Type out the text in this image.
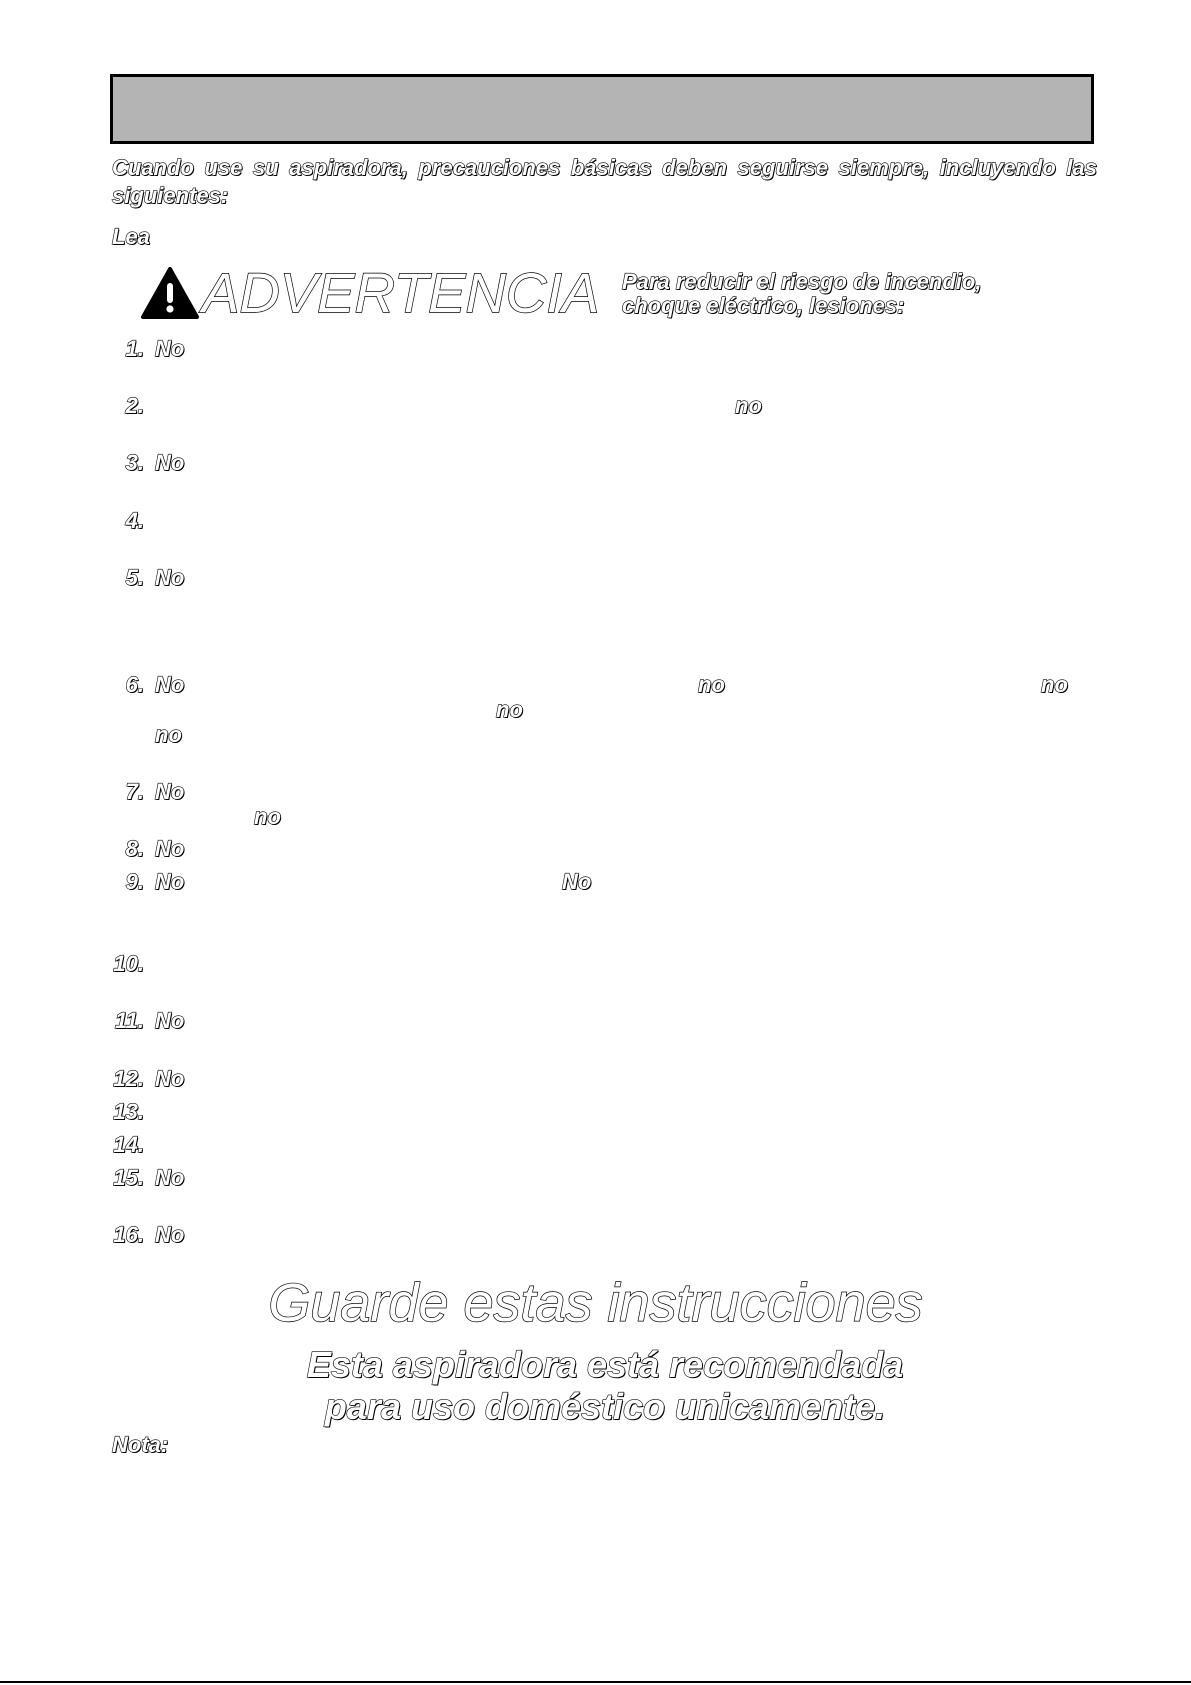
Cuando use su aspiradora, precauciones básicas deben seguirse siempre, incluyendo las siguientes:
Lea
ADVERTENCIA Para reducir el riesgo de incendio, choque eléctrico, lesiones:
1. No
2.	no
3. No
4.
5. No
6. No	no	no
no
no
7. No
no
8. No
9. No	No
10.
11. No
12. No
13.
14.
15. No
16. No
Guarde estas instrucciones
Esta aspiradora está recomendada
para uso doméstico unicamente.
Nota:
